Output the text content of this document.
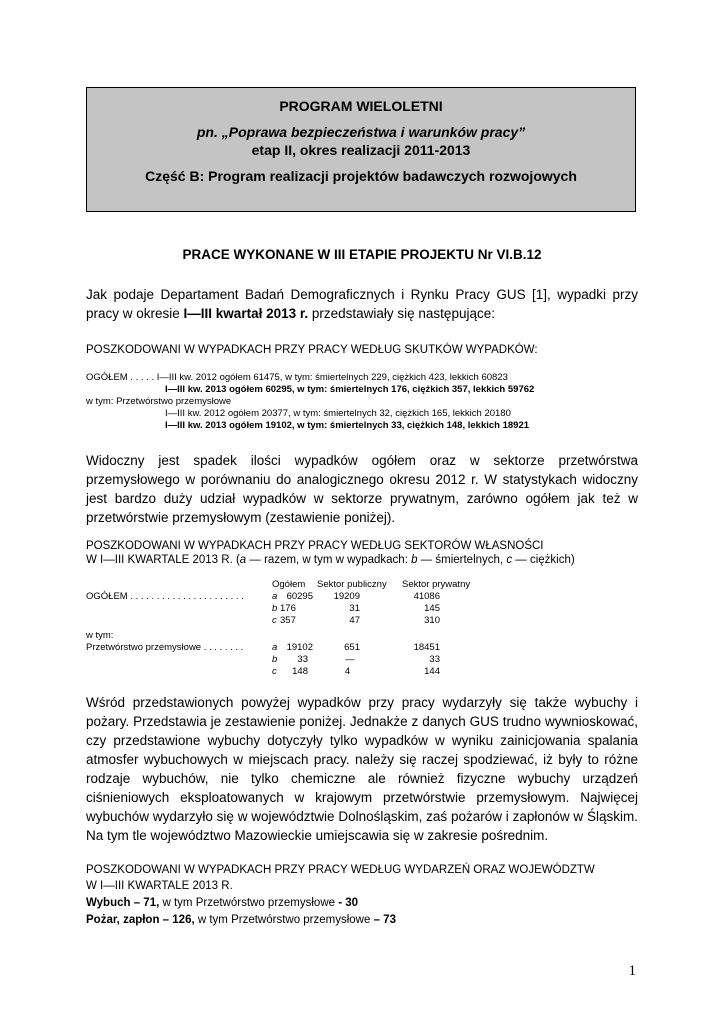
PROGRAM WIELOLETNI
pn. „Poprawa bezpieczeństwa i warunków pracy”
etap II, okres realizacji 2011-2013
Część B: Program realizacji projektów badawczych rozwojowych
PRACE WYKONANE W III ETAPIE PROJEKTU Nr VI.B.12
Jak podaje Departament Badań Demograficznych i Rynku Pracy GUS [1], wypadki przy
pracy w okresie I—III kwartał 2013 r. przedstawiały się następujące:
POSZKODOWANI W WYPADKACH PRZY PRACY WEDŁUG SKUTKÓW WYPADKÓW:
OGÓŁEM . . . . . I—III kw. 2012 ogółem 61475, w tym: śmiertelnych 229, ciężkich 423, lekkich 60823
I—III kw. 2013 ogółem 60295, w tym: śmiertelnych 176, ciężkich 357, lekkich 59762
w tym: Przetwórstwo przemysłowe
I—III kw. 2012 ogółem 20377, w tym: śmiertelnych 32, ciężkich 165, lekkich 20180
I—III kw. 2013 ogółem 19102, w tym: śmiertelnych 33, ciężkich 148, lekkich 18921
Widoczny jest spadek ilości wypadków ogółem oraz w sektorze przetwórstwa
przemysłowego w porównaniu do analogicznego okresu 2012 r. W statystykach widoczny
jest bardzo duży udział wypadków w sektorze prywatnym, zarówno ogółem jak też w
przetwórstwie przemysłowym (zestawienie poniżej).
POSZKODOWANI W WYPADKACH PRZY PRACY WEDŁUG SEKTORÓW WŁASNOŚCI
W I—III KWARTALE 2013 R. (a — razem, w tym w wypadkach: b — śmiertelnych, c — ciężkich)
Ogółem Sektor publiczny Sektor prywatny
OGÓŁEM . . . . . . . . . . . . . . . . . . . . . .	a 60295	19209	41086
b 176	31	145
c 357	47	310
w tym:
Przetwórstwo przemysłowe . . . . . . . .	a 19102	651	18451
b	33	—	33
c	148	4	144
Wśród przedstawionych powyżej wypadków przy pracy wydarzyły się także wybuchy i
pożary. Przedstawia je zestawienie poniżej. Jednakże z danych GUS trudno wywnioskować,
czy przedstawione wybuchy dotyczyły tylko wypadków w wyniku zainicjowania spalania
atmosfer wybuchowych w miejscach pracy. należy się raczej spodziewać, iż były to różne
rodzaje wybuchów, nie tylko chemiczne ale również fizyczne wybuchy urządzeń
ciśnieniowych eksploatowanych w krajowym przetwórstwie przemysłowym. Najwięcej
wybuchów wydarzyło się w województwie Dolnośląskim, zaś pożarów i zapłonów w Śląskim.
Na tym tle województwo Mazowieckie umiejscawia się w zakresie pośrednim.
POSZKODOWANI W WYPADKACH PRZY PRACY WEDŁUG WYDARZEŃ ORAZ WOJEWÓDZTW
W I—III KWARTALE 2013 R.
Wybuch – 71, w tym Przetwórstwo przemysłowe - 30
Pożar, zapłon – 126, w tym Przetwórstwo przemysłowe – 73
1
